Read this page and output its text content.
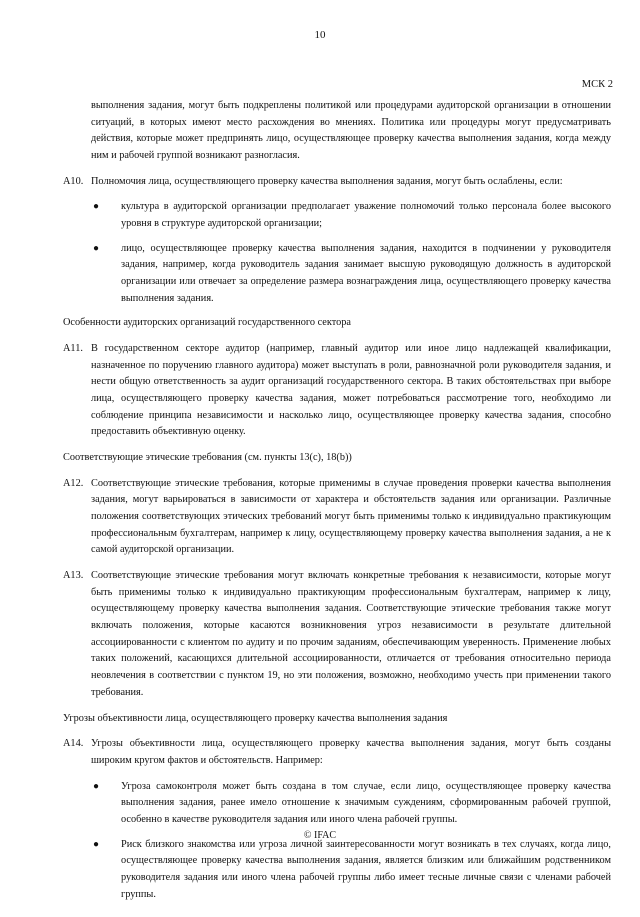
10
МСК 2

выполнения задания, могут быть подкреплены политикой или процедурами аудиторской организации в отношении ситуаций, в которых имеют место расхождения во мнениях. Политика или процедуры могут предусматривать действия, которые может предпринять лицо, осуществляющее проверку качества выполнения задания, когда между ним и рабочей группой возникают разногласия.

А10. Полномочия лица, осуществляющего проверку качества выполнения задания, могут быть ослаблены, если:
●	культура в аудиторской организации предполагает уважение полномочий только персонала более высокого уровня в структуре аудиторской организации;
●	лицо, осуществляющее проверку качества выполнения задания, находится в подчинении у руководителя задания, например, когда руководитель задания занимает высшую руководящую должность в аудиторской организации или отвечает за определение размера вознаграждения лица, осуществляющего проверку качества выполнения задания.

Особенности аудиторских организаций государственного сектора

А11. В государственном секторе аудитор (например, главный аудитор или иное лицо надлежащей квалификации, назначенное по поручению главного аудитора) может выступать в роли, равнозначной роли руководителя задания, и нести общую ответственность за аудит организаций государственного сектора. В таких обстоятельствах при выборе лица, осуществляющего проверку качества задания, может потребоваться рассмотрение того, необходимо ли соблюдение принципа независимости и насколько лицо, осуществляющее проверку качества задания, способно предоставить объективную оценку.

Соответствующие этические требования (см. пункты 13(с), 18(b))

А12. Соответствующие этические требования, которые применимы в случае проведения проверки качества выполнения задания, могут варьироваться в зависимости от характера и обстоятельств задания или организации. Различные положения соответствующих этических требований могут быть применимы только к индивидуально практикующим профессиональным бухгалтерам, например к лицу, осуществляющему проверку качества выполнения задания, а не к самой аудиторской организации.
А13. Соответствующие этические требования могут включать конкретные требования к независимости, которые могут быть применимы только к индивидуально практикующим профессиональным бухгалтерам, например к лицу, осуществляющему проверку качества выполнения задания. Соответствующие этические требования также могут включать положения, которые касаются возникновения угроз независимости в результате длительной ассоциированности с клиентом по аудиту и по прочим заданиям, обеспечивающим уверенность. Применение любых таких положений, касающихся длительной ассоциированности, отличается от требования относительно периода неовлечения в соответствии с пунктом 19, но эти положения, возможно, необходимо учесть при применении такого требования.

Угрозы объективности лица, осуществляющего проверку качества выполнения задания

А14. Угрозы объективности лица, осуществляющего проверку качества выполнения задания, могут быть созданы широким кругом фактов и обстоятельств. Например:
●	Угроза самоконтроля может быть создана в том случае, если лицо, осуществляющее проверку качества выполнения задания, ранее имело отношение к значимым суждениям, сформированным рабочей группой, особенно в качестве руководителя задания или иного члена рабочей группы.
●	Риск близкого знакомства или угроза личной заинтересованности могут возникать в тех случаях, когда лицо, осуществляющее проверку качества выполнения задания, является близким или ближайшим родственником руководителя задания или иного члена рабочей группы либо имеет тесные личные связи с членами рабочей группы.
© IFAC
